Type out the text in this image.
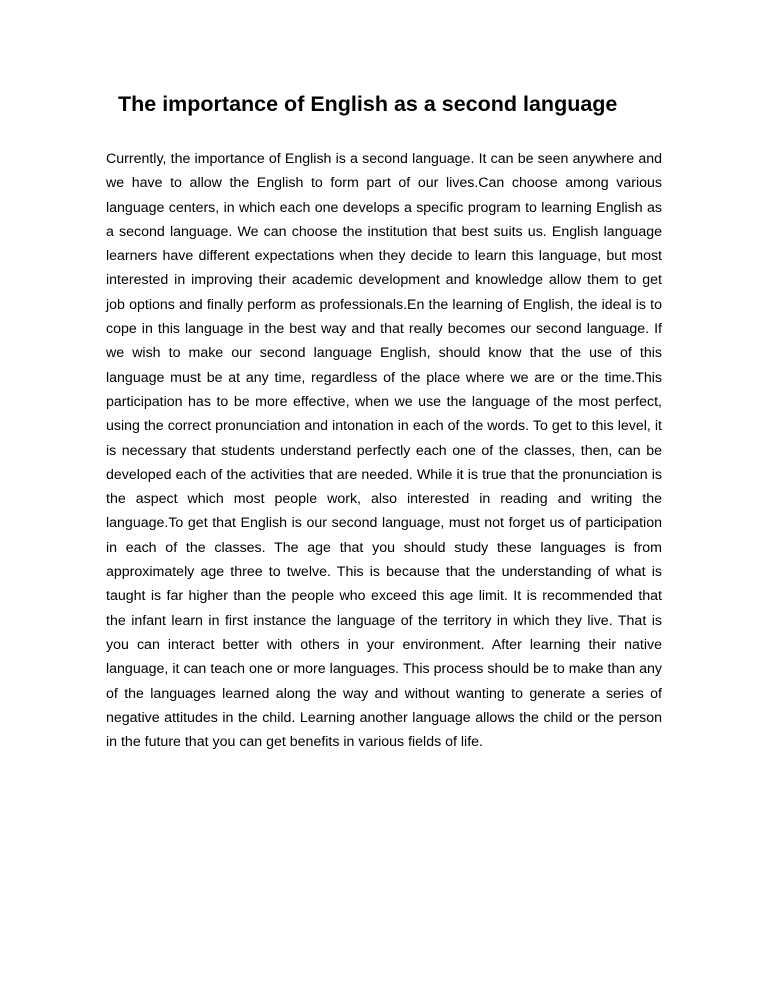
The importance of English as a second language

Currently, the importance of English is a second language. It can be seen anywhere and we have to allow the English to form part of our lives.Can choose among various language centers, in which each one develops a specific program to learning English as a second language. We can choose the institution that best suits us. English language learners have different expectations when they decide to learn this language, but most interested in improving their academic development and knowledge allow them to get job options and finally perform as professionals.En the learning of English, the ideal is to cope in this language in the best way and that really becomes our second language. If we wish to make our second language English, should know that the use of this language must be at any time, regardless of the place where we are or the time.This participation has to be more effective, when we use the language of the most perfect, using the correct pronunciation and intonation in each of the words. To get to this level, it is necessary that students understand perfectly each one of the classes, then, can be developed each of the activities that are needed. While it is true that the pronunciation is the aspect which most people work, also interested in reading and writing the language.To get that English is our second language, must not forget us of participation in each of the classes. The age that you should study these languages is from approximately age three to twelve. This is because that the understanding of what is taught is far higher than the people who exceed this age limit. It is recommended that the infant learn in first instance the language of the territory in which they live. That is you can interact better with others in your environment. After learning their native language, it can teach one or more languages. This process should be to make than any of the languages learned along the way and without wanting to generate a series of negative attitudes in the child. Learning another language allows the child or the person in the future that you can get benefits in various fields of life.
